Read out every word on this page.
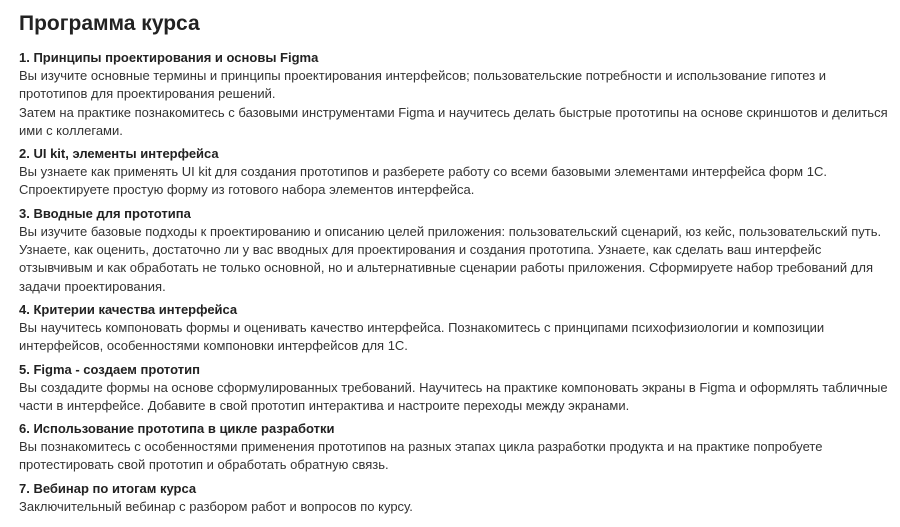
Программа курса
1. Принципы проектирования и основы Figma

Вы изучите основные термины и принципы проектирования интерфейсов; пользовательские потребности и использование гипотез и прототипов для проектирования решений.

Затем на практике познакомитесь с базовыми инструментами Figma и научитесь делать быстрые прототипы на основе скриншотов и делиться ими с коллегами.

2. UI kit, элементы интерфейса

Вы узнаете как применять UI kit для создания прототипов и разберете работу со всеми базовыми элементами интерфейса форм 1С. Спроектируете простую форму из готового набора элементов интерфейса.

3. Вводные для прототипа

Вы изучите базовые подходы к проектированию и описанию целей приложения: пользовательский сценарий, юз кейс, пользовательский путь. Узнаете, как оценить, достаточно ли у вас вводных для проектирования и создания прототипа. Узнаете, как сделать ваш интерфейс отзывчивым и как обработать не только основной, но и альтернативные сценарии работы приложения. Сформируете набор требований для задачи проектирования.

4. Критерии качества интерфейса

Вы научитесь компоновать формы и оценивать качество интерфейса. Познакомитесь с принципами психофизиологии и композиции интерфейсов, особенностями компоновки интерфейсов для 1С.

5. Figma - создаем прототип

Вы создадите формы на основе сформулированных требований. Научитесь на практике компоновать экраны в Figma и оформлять табличные части в интерфейсе. Добавите в свой прототип интерактива и настроите переходы между экранами.

6. Использование прототипа в цикле разработки

Вы познакомитесь с особенностями применения прототипов на разных этапах цикла разработки продукта и на практике попробуете протестировать свой прототип и обработать обратную связь.

7. Вебинар по итогам курса

Заключительный вебинар с разбором работ и вопросов по курсу.
